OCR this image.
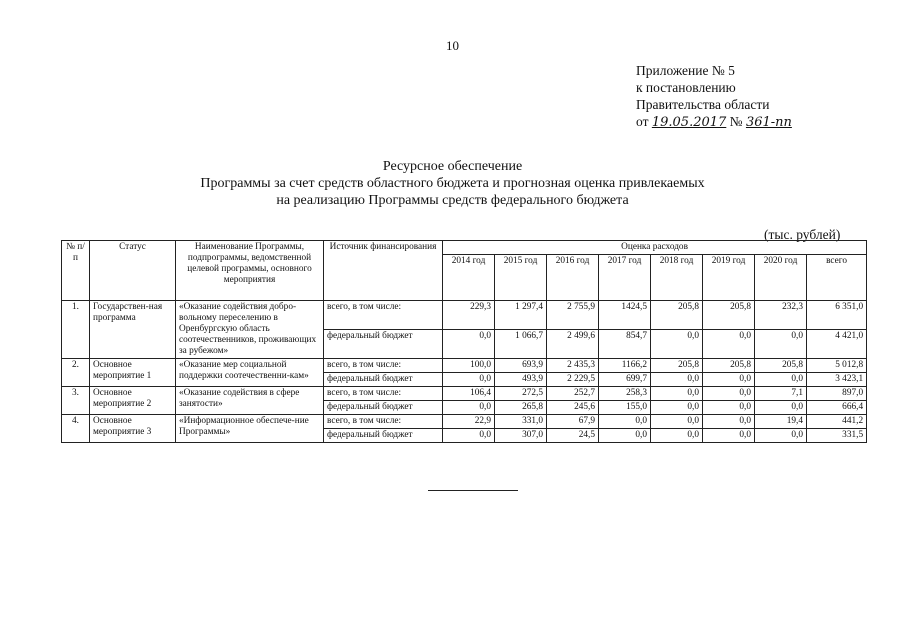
10
Приложение № 5
к постановлению
Правительства области
от 19.05.2017 № 361-пп
Ресурсное обеспечение
Программы за счет средств областного бюджета и прогнозная оценка привлекаемых
на реализацию Программы средств федерального бюджета
(тыс. рублей)
№ п/п	Статус	Наименование Программы, подпрограммы, ведомственной целевой программы, основного мероприятия	Источник финансирования	Оценка расходов							
				2014 год	2015 год	2016 год	2017 год	2018 год	2019 год	2020 год	всего
1.	Государствен-ная программа	«Оказание содействия добро-вольному переселению в Оренбургскую область соотечественников, проживающих за рубежом»	всего, в том числе:	229,3	1 297,4	2 755,9	1424,5	205,8	205,8	232,3	6 351,0
			федеральный бюджет	0,0	1 066,7	2 499,6	854,7	0,0	0,0	0,0	4 421,0
2.	Основное мероприятие 1	«Оказание мер социальной поддержки соотечественни-кам»	всего, в том числе:	100,0	693,9	2 435,3	1166,2	205,8	205,8	205,8	5 012,8
			федеральный бюджет	0,0	493,9	2 229,5	699,7	0,0	0,0	0,0	3 423,1
3.	Основное мероприятие 2	«Оказание содействия в сфере занятости»	всего, в том числе:	106,4	272,5	252,7	258,3	0,0	0,0	7,1	897,0
			федеральный бюджет	0,0	265,8	245,6	155,0	0,0	0,0	0,0	666,4
4.	Основное мероприятие 3	«Информационное обеспече-ние Программы»	всего, в том числе:	22,9	331,0	67,9	0,0	0,0	0,0	19,4	441,2
			федеральный бюджет	0,0	307,0	24,5	0,0	0,0	0,0	0,0	331,5
